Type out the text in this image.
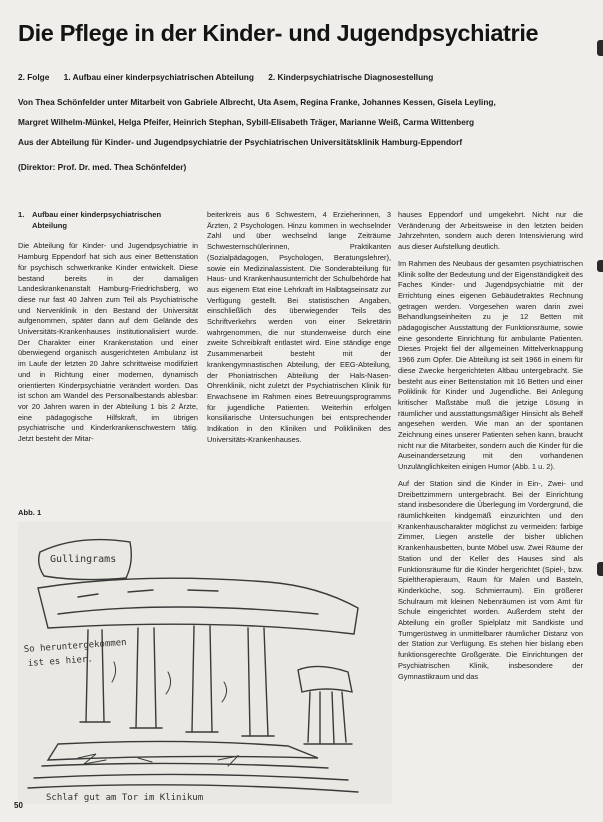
Die Pflege in der Kinder- und Jugendpsychiatrie
2. Folge 1. Aufbau einer kinderpsychiatrischen Abteilung 2. Kinderpsychiatrische Diagnosestellung
Von Thea Schönfelder unter Mitarbeit von Gabriele Albrecht, Uta Asem, Regina Franke, Johannes Kessen, Gisela Leyling,
Margret Wilhelm-Münkel, Helga Pfeifer, Heinrich Stephan, Sybill-Elisabeth Träger, Marianne Weiß, Carma Wittenberg
Aus der Abteilung für Kinder- und Jugendpsychiatrie der Psychiatrischen Universitätsklinik Hamburg-Eppendorf
(Direktor: Prof. Dr. med. Thea Schönfelder)
1. Aufbau einer kinderpsychiatrischen
Abteilung

Die Abteilung für Kinder- und Jugendpsychiatrie in Hamburg Eppendorf hat sich aus einer Bettenstation für psychisch schwerkranke Kinder entwickelt. Diese bestand bereits in der damaligen Landeskrankenanstalt Hamburg-Friedrichsberg, wo diese nur fast 40 Jahren zum Teil als Psychiatrische und Nervenklinik in den Bestand der Universität aufgenommen, später dann auf dem Gelände des Universitäts-Krankenhauses institutionalisiert wurde. Der Charakter einer Krankenstation und einer überwiegend organisch ausgerichteten Ambulanz ist im Laufe der letzten 20 Jahre schrittweise modifiziert und in Richtung einer modernen, dynamisch orientierten Kinderpsychiatrie verändert worden. Das ist schon am Wandel des Personalbestands ablesbar: vor 20 Jahren waren in der Abteilung 1 bis 2 Ärzte, eine pädagogische Hilfskraft, im übrigen psychiatrische und Kinderkrankenschwestern tätig. Jetzt besteht der Mitar-

beiterkreis aus 6 Schwestern, 4 Erzieherinnen, 3 Ärzten, 2 Psychologen. Hinzu kommen in wechselnder Zahl und über wechselnd lange Zeiträume Schwesternschülerinnen, Praktikanten (Sozialpädagogen, Psychologen, Beratungslehrer), sowie ein Medizinalassistent. Die Sonderabteilung für Haus- und Krankenhausunterricht der Schulbehörde hat aus eigenem Etat eine Lehrkraft im Halbtagseinsatz zur Verfügung gestellt. Bei statistischen Angaben, einschließlich des überwiegender Teils des Schriftverkehrs werden von einer Sekretärin wahrgenommen, die nur stundenweise durch eine zweite Schreibkraft entlastet wird. Eine ständige enge Zusammenarbeit besteht mit der krankengymnastischen Abteilung, der EEG-Abteilung, der Phoniatrischen Abteilung der Hals-Nasen-Ohrenklinik, nicht zuletzt der Psychiatrischen Klinik für Erwachsene im Rahmen eines Betreuungsprogramms für jugendliche Patienten. Weiterhin erfolgen konsiliarische Untersuchungen bei entsprechender Indikation in den Kliniken und Polikliniken des Universitäts-Krankenhauses.

hauses Eppendorf und umgekehrt. Nicht nur die Veränderung der Arbeitsweise in den letzten beiden Jahrzehnten, sondern auch deren Intensivierung wird aus dieser Aufstellung deutlich.

Im Rahmen des Neubaus der gesamten psychiatrischen Klinik sollte der Bedeutung und der Eigenständigkeit des Faches Kinder- und Jugendpsychiatrie mit der Errichtung eines eigenen Gebäudetraktes Rechnung getragen werden. Vorgesehen waren darin zwei Behandlungseinheiten zu je 12 Betten mit pädagogischer Ausstattung der Funktionsräume, sowie eine gesonderte Einrichtung für ambulante Patienten. Dieses Projekt fiel der allgemeinen Mittelverknappung 1966 zum Opfer. Die Abteilung ist seit 1966 in einem für diese Zwecke hergerichteten Altbau untergebracht. Sie besteht aus einer Bettenstation mit 16 Betten und einer Poliklinik für Kinder und Jugendliche. Bei Anlegung kritischer Maßstäbe muß die jetzige Lösung in räumlicher und ausstattungsmäßiger Hinsicht als Behelf angesehen werden. Wie man an der spontanen Zeichnung eines unserer Patienten sehen kann, braucht nicht nur die Mitarbeiter, sondern auch die Kinder für die Auseinandersetzung mit den vorhandenen Unzulänglichkeiten einigen Humor (Abb. 1 u. 2).

Auf der Station sind die Kinder in Ein-, Zwei- und Dreibettzimmern untergebracht. Bei der Einrichtung stand insbesondere die Überlegung im Vordergrund, die räumlichkeiten kindgemäß einzurichten und den Krankenhauscharakter möglichst zu vermeiden: farbige Zimmer, Liegen anstelle der bisher üblichen Krankenhausbetten, bunte Möbel usw. Zwei Räume der Station und der Keller des Hauses sind als Funktionsräume für die Kinder hergerichtet (Spiel-, bzw. Spieltherapieraum, Raum für Malen und Basteln, Kinderküche, sog. Schmierraum). Ein größerer Schulraum mit kleinen Nebenräumen ist vom Amt für Schule eingerichtet worden. Außerdem steht der Abteilung ein großer Spielplatz mit Sandkiste und Turngerüstweg in unmittelbarer räumlicher Distanz von der Station zur Verfügung. Es stehen hier bislang eben funktionsgerechte Großgeräte. Die Einrichtungen der Psychiatrischen Klinik, insbesondere der Gymnastikraum und das

Abb. 1
Gullingrams
So heruntergekommen
ist es hier.
Schlaf gut am Tor im Klinikum
50
